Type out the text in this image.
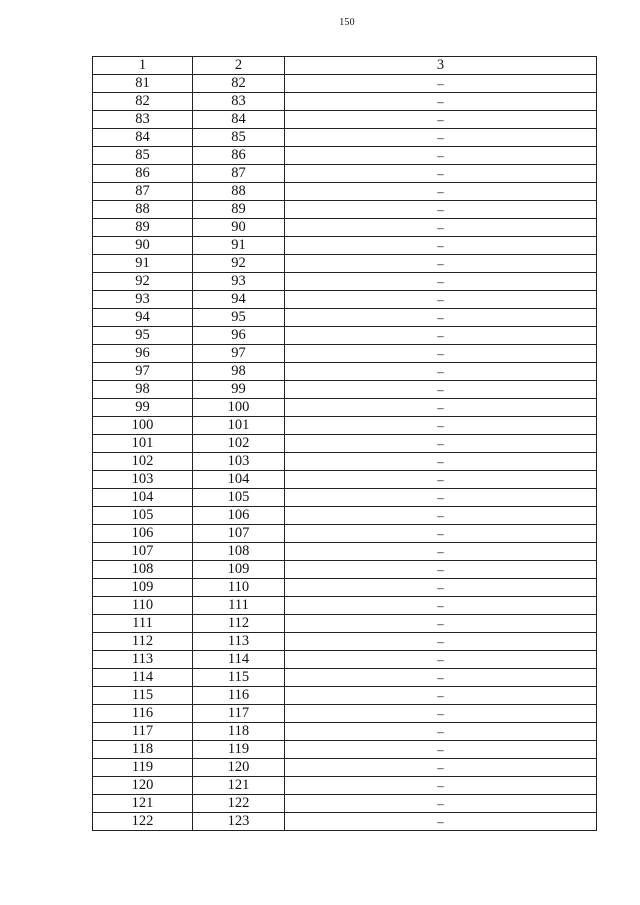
150
1	2	3
81	82	–
82	83	–
83	84	–
84	85	–
85	86	–
86	87	–
87	88	–
88	89	–
89	90	–
90	91	–
91	92	–
92	93	–
93	94	–
94	95	–
95	96	–
96	97	–
97	98	–
98	99	–
99	100	–
100	101	–
101	102	–
102	103	–
103	104	–
104	105	–
105	106	–
106	107	–
107	108	–
108	109	–
109	110	–
110	111	–
111	112	–
112	113	–
113	114	–
114	115	–
115	116	–
116	117	–
117	118	–
118	119	–
119	120	–
120	121	–
121	122	–
122	123	–
